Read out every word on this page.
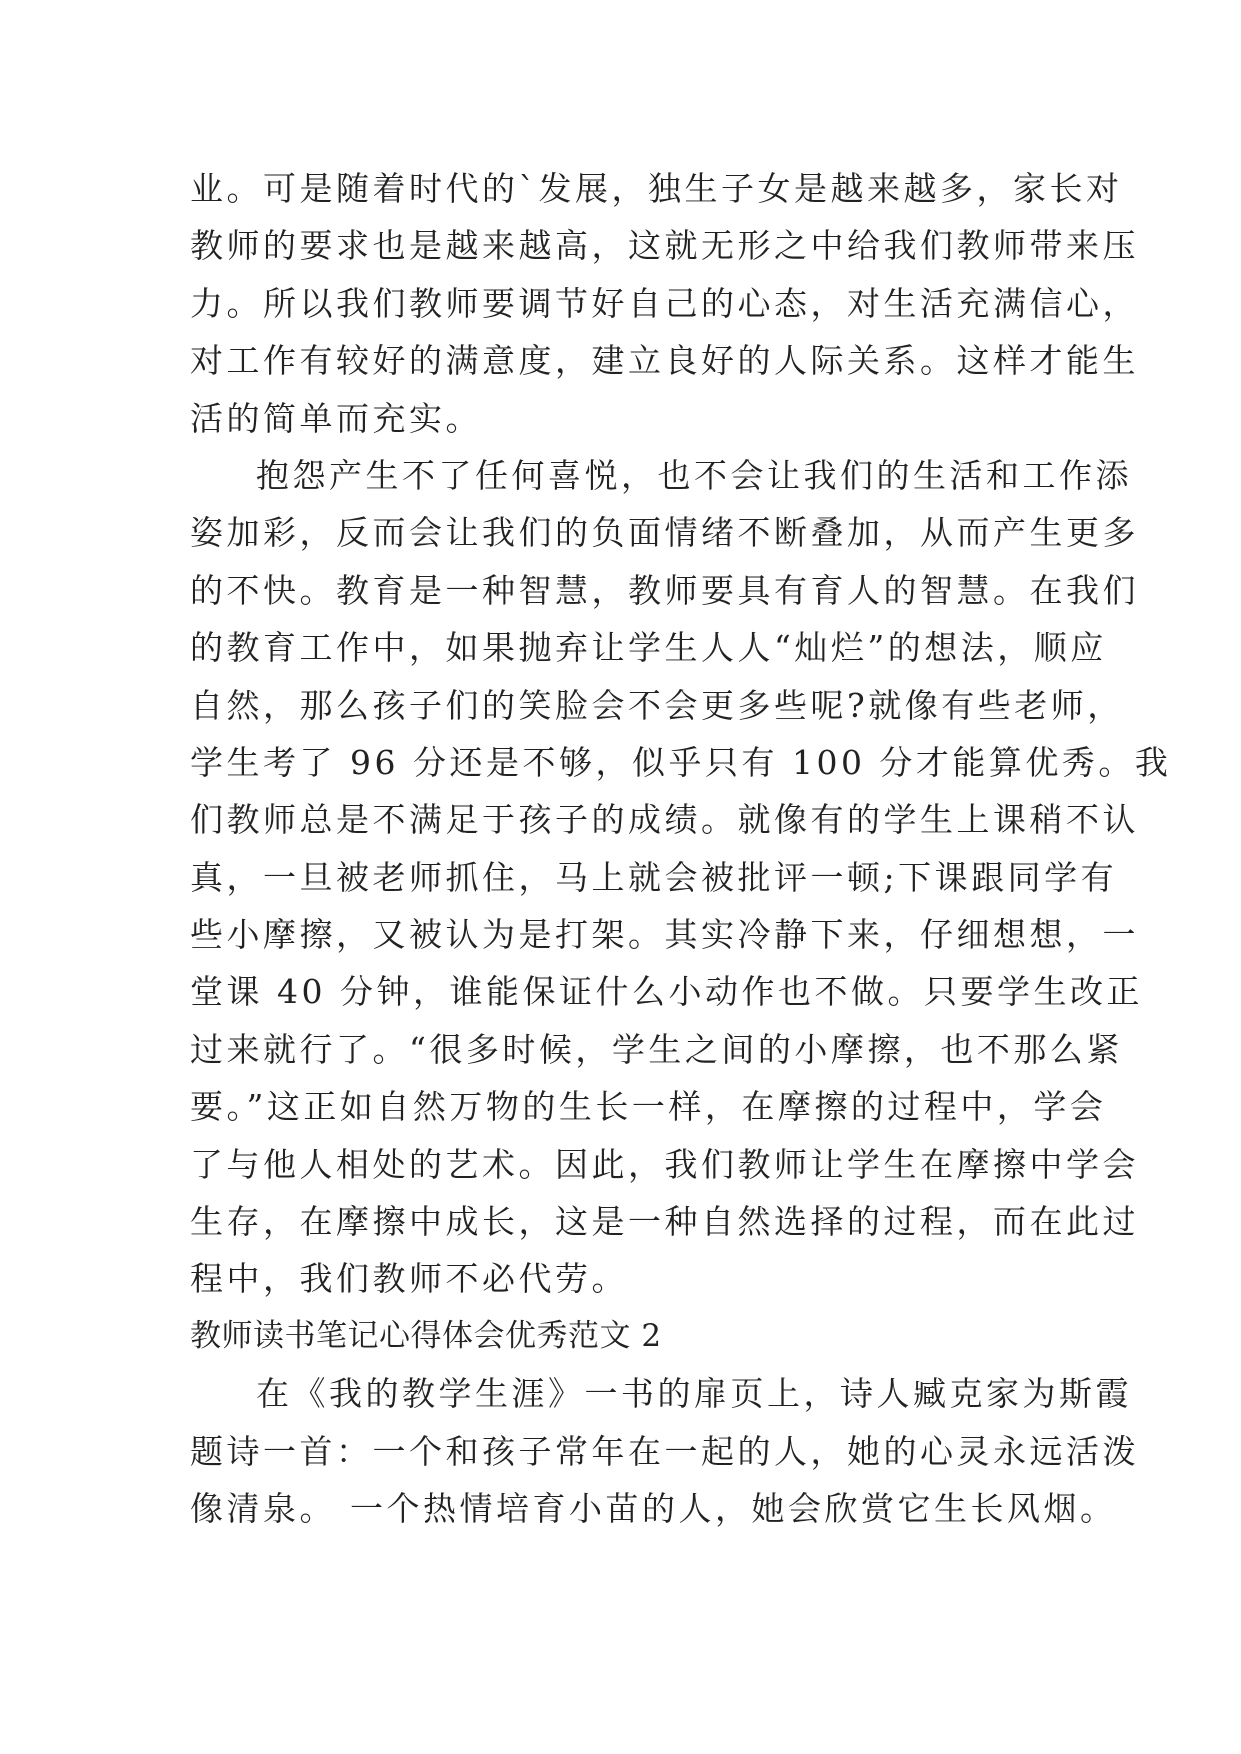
业。可是随着时代的`发展，独生子女是越来越多，家长对
教师的要求也是越来越高，这就无形之中给我们教师带来压
力。所以我们教师要调节好自己的心态，对生活充满信心，
对工作有较好的满意度，建立良好的人际关系。这样才能生
活的简单而充实。
抱怨产生不了任何喜悦，也不会让我们的生活和工作添
姿加彩，反而会让我们的负面情绪不断叠加，从而产生更多
的不快。教育是一种智慧，教师要具有育人的智慧。在我们
的教育工作中，如果抛弃让学生人人“灿烂”的想法，顺应
自然，那么孩子们的笑脸会不会更多些呢?就像有些老师，
学生考了 96 分还是不够，似乎只有 100 分才能算优秀。我
们教师总是不满足于孩子的成绩。就像有的学生上课稍不认
真，一旦被老师抓住，马上就会被批评一顿;下课跟同学有
些小摩擦，又被认为是打架。其实冷静下来，仔细想想，一
堂课 40 分钟，谁能保证什么小动作也不做。只要学生改正
过来就行了。“很多时候，学生之间的小摩擦，也不那么紧
要。”这正如自然万物的生长一样，在摩擦的过程中，学会
了与他人相处的艺术。因此，我们教师让学生在摩擦中学会
生存，在摩擦中成长，这是一种自然选择的过程，而在此过
程中，我们教师不必代劳。
教师读书笔记心得体会优秀范文 2
在《我的教学生涯》一书的扉页上，诗人臧克家为斯霞
题诗一首：一个和孩子常年在一起的人，她的心灵永远活泼
像清泉。 一个热情培育小苗的人，她会欣赏它生长风烟。
